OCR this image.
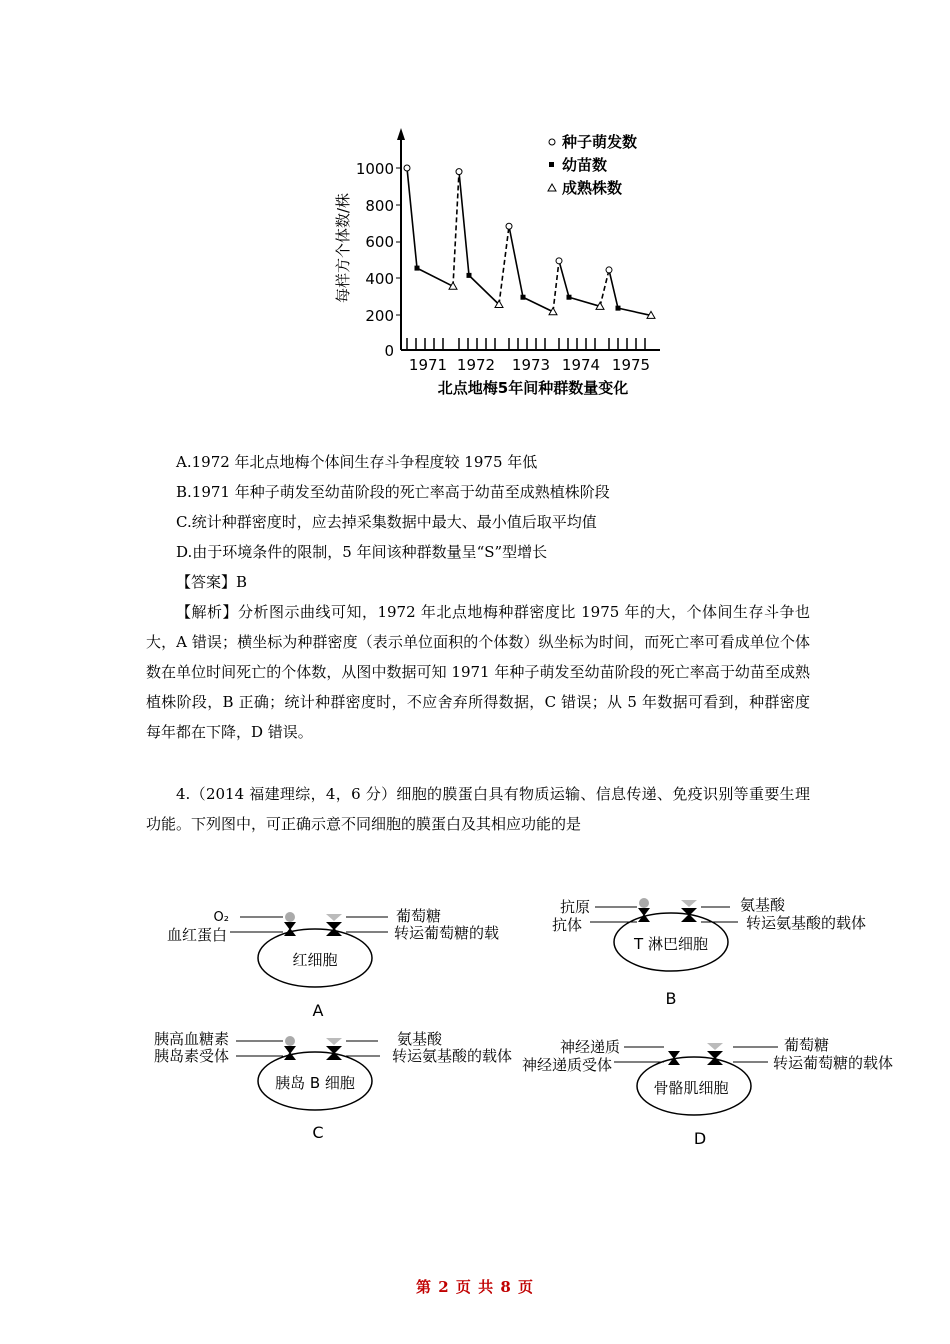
每样方个体数/株
北点地梅5年间种群数量变化
1000
800
600
400
200
0
1971 1972 1973 1974 1975
种子萌发数
幼苗数
成熟株数
A.1972 年北点地梅个体间生存斗争程度较 1975 年低
B.1971 年种子萌发至幼苗阶段的死亡率高于幼苗至成熟植株阶段
C.统计种群密度时，应去掉采集数据中最大、最小值后取平均值
D.由于环境条件的限制，5 年间该种群数量呈“S”型增长
【答案】B
【解析】分析图示曲线可知，1972 年北点地梅种群密度比 1975 年的大，个体间生存斗争也大，A 错误；横坐标为种群密度（表示单位面积的个体数）纵坐标为时间，而死亡率可看成单位个体数在单位时间死亡的个体数，从图中数据可知 1971 年种子萌发至幼苗阶段的死亡率高于幼苗至成熟植株阶段，B 正确；统计种群密度时，不应舍弃所得数据，C 错误；从 5 年数据可看到，种群密度每年都在下降，D 错误。
4.（2014 福建理综，4，6 分）细胞的膜蛋白具有物质运输、信息传递、免疫识别等重要生理功能。下列图中，可正确示意不同细胞的膜蛋白及其相应功能的是
O₂
血红蛋白
葡萄糖
转运葡萄糖的载
红细胞
A
抗原
抗体
氨基酸
转运氨基酸的载体
T 淋巴细胞
B
胰高血糖素
胰岛素受体
氨基酸
转运氨基酸的载体
胰岛 B 细胞
C
神经递质
神经递质受体
葡萄糖
转运葡萄糖的载体
骨骼肌细胞
D
第 2 页 共 8 页
